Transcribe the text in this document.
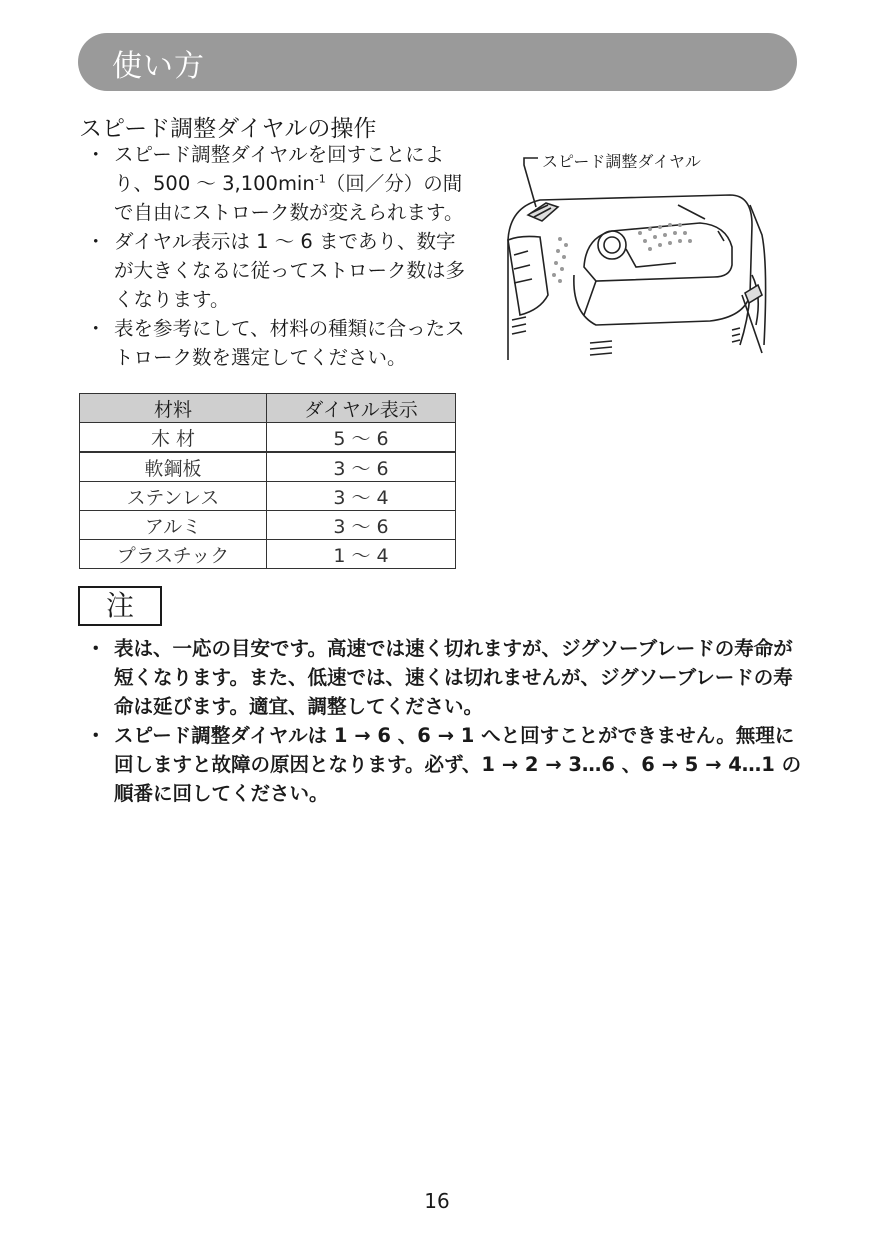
使い方
スピード調整ダイヤルの操作
・ スピード調整ダイヤルを回すことにより、500 ～ $3,100\min^{-1}$（回／分）の間で自由にストローク数が変えられます。
・ ダイヤル表示は 1 ～ 6 まであり、数字が大きくなるに従ってストローク数は多くなります。
・ 表を参考にして、材料の種類に合ったストローク数を選定してください。
スピード調整ダイヤル
材料	ダイヤル表示
木 材	5 ～ 6
軟鋼板	3 ～ 6
ステンレス	3 ～ 4
アルミ	3 ～ 6
プラスチック	1 ～ 4
注
・ 表は、一応の目安です。高速では速く切れますが、ジグソーブレードの寿命が短くなります。また、低速では、速くは切れませんが、ジグソーブレードの寿命は延びます。適宜、調整してください。
・ スピード調整ダイヤルは 1 → 6 、6 → 1 へと回すことができません。無理に回しますと故障の原因となります。必ず、1 → 2 → 3…6 、6 → 5 → 4…1 の順番に回してください。
16
